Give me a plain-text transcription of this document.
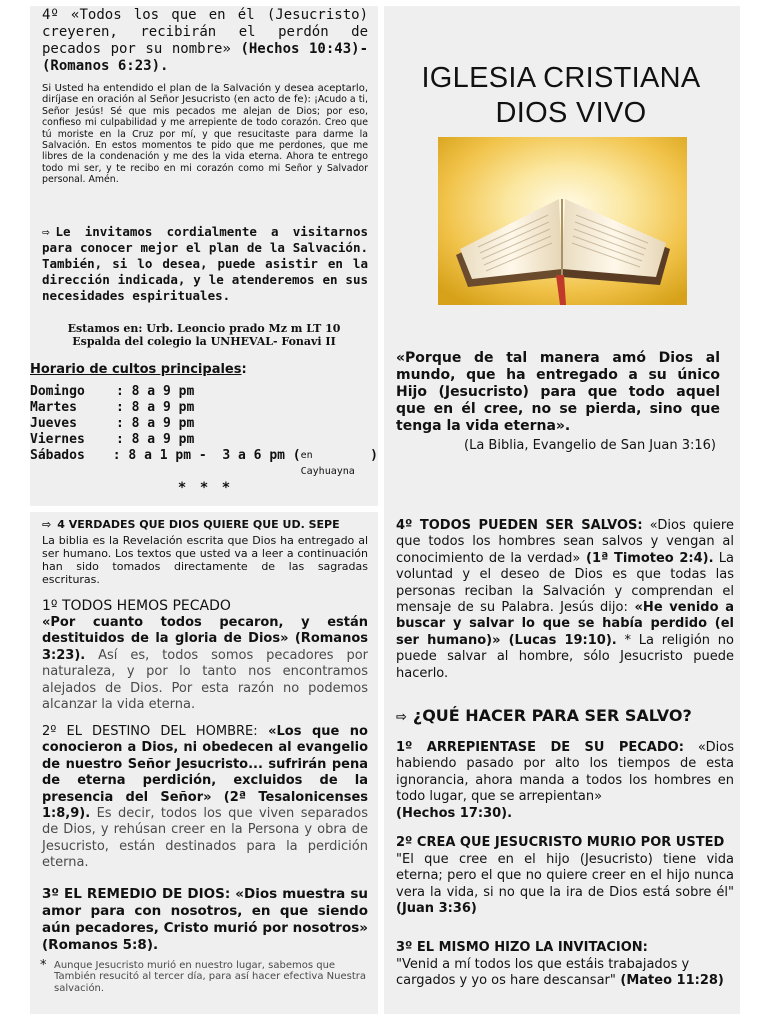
4º «Todos los que en él (Jesucristo) creyeren, recibirán el perdón de pecados por su nombre» (Hechos 10:43)-(Romanos 6:23).

Si Usted ha entendido el plan de la Salvación y desea aceptarlo, diríjase en oración al Señor Jesucristo (en acto de fe): ¡Acudo a ti, Señor Jesús! Sé que mis pecados me alejan de Dios; por eso, confieso mi culpabilidad y me arrepiente de todo corazón. Creo que tú moriste en la Cruz por mí, y que resucitaste para darme la Salvación. En estos momentos te pido que me perdones, que me libres de la condenación y me des la vida eterna. Ahora te entrego todo mi ser, y te recibo en mi corazón como mi Señor y Salvador personal. Amén.

⇨ Le invitamos cordialmente a visitarnos para conocer mejor el plan de la Salvación. También, si lo desea, puede asistir en la dirección indicada, y le atenderemos en sus necesidades espirituales.

Estamos en: Urb. Leoncio prado Mz m LT 10
Espalda del colegio la UNHEVAL- Fonavi II

Horario de cultos principales:

Domingo	: 8 a 9 pm
Martes	: 8 a 9 pm
Jueves	: 8 a 9 pm
Viernes	: 8 a 9 pm
Sábados	: 8 a 1 pm -  3 a 6 pm ( en Cayhuayna
)

*   *   *

⇨ 4 VERDADES QUE DIOS QUIERE QUE UD. SEPE

La biblia es la Revelación escrita que Dios ha entregado al ser humano. Los textos que usted va a leer a continuación han sido tomados directamente de las sagradas escrituras.

1º TODOS HEMOS PECADO

«Por cuanto todos pecaron, y están destituidos de la gloria de Dios» (Romanos 3:23). Así es, todos somos pecadores por naturaleza, y por lo tanto nos encontramos alejados de Dios. Por esta razón no podemos alcanzar la vida eterna.

2º EL DESTINO DEL HOMBRE: «Los que no conocieron a Dios, ni obedecen al evangelio de nuestro Señor Jesucristo... sufrirán pena de eterna perdición, excluidos de la presencia del Señor» (2ª Tesalonicenses 1:8,9). Es decir, todos los que viven separados de Dios, y rehúsan creer en la Persona y obra de Jesucristo, están destinados para la perdición eterna.

3º EL REMEDIO DE DIOS: «Dios muestra su amor para con nosotros, en que siendo aún pecadores, Cristo murió por nosotros» (Romanos 5:8).

* Aunque Jesucristo murió en nuestro lugar, sabemos que También resucitó al tercer día, para así hacer efectiva Nuestra salvación.
IGLESIA CRISTIANA
DIOS VIVO

«Porque de tal manera amó Dios al mundo, que ha entregado a su único Hijo (Jesucristo) para que todo aquel que en él cree, no se pierda, sino que tenga la vida eterna».

(La Biblia, Evangelio de San Juan 3:16)

4º TODOS PUEDEN SER SALVOS: «Dios quiere que todos los hombres sean salvos y vengan al conocimiento de la verdad» (1ª Timoteo 2:4). La voluntad y el deseo de Dios es que todas las personas reciban la Salvación y comprendan el mensaje de su Palabra. Jesús dijo: «He venido a buscar y salvar lo que se había perdido (el ser humano)» (Lucas 19:10). * La religión no puede salvar al hombre, sólo Jesucristo puede hacerlo.

⇨ ¿QUÉ HACER PARA SER SALVO?

1º ARREPIENTASE DE SU PECADO: «Dios habiendo pasado por alto los tiempos de esta ignorancia, ahora manda a todos los hombres en todo lugar, que se arrepientan»
(Hechos 17:30).

2º CREA QUE JESUCRISTO MURIO POR USTED

"El que cree en el hijo (Jesucristo) tiene vida eterna; pero el que no quiere creer en el hijo nunca vera la vida, si no que la ira de Dios está sobre él" (Juan 3:36)

3º EL MISMO HIZO LA INVITACION:

"Venid a mí todos los que estáis trabajados y cargados y yo os hare descansar" (Mateo 11:28)
